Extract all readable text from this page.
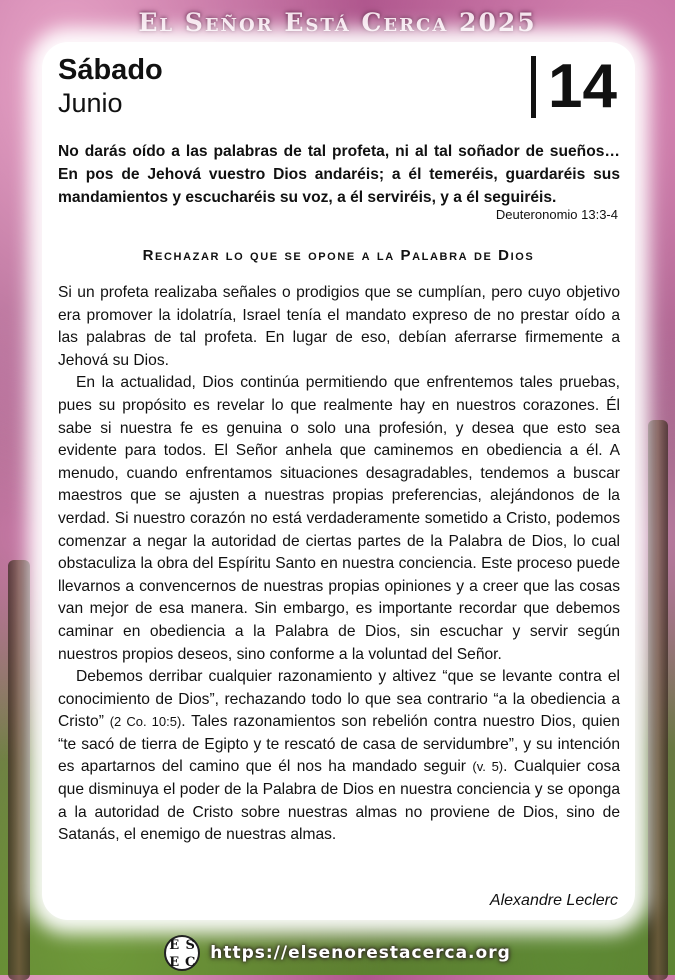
El Señor Está Cerca 2025
Sábado
Junio	14
No darás oído a las palabras de tal profeta, ni al tal soñador de sueños… En pos de Jehová vuestro Dios andaréis; a él temeréis, guardaréis sus mandamientos y escucharéis su voz, a él serviréis, y a él seguiréis.
Deuteronomio 13:3-4
Rechazar lo que se opone a la Palabra de Dios

Si un profeta realizaba señales o prodigios que se cumplían, pero cuyo objetivo era promover la idolatría, Israel tenía el mandato expreso de no prestar oído a las palabras de tal profeta. En lugar de eso, debían aferrarse firmemente a Jehová su Dios.

En la actualidad, Dios continúa permitiendo que enfrentemos tales pruebas, pues su propósito es revelar lo que realmente hay en nuestros corazones. Él sabe si nuestra fe es genuina o solo una profesión, y desea que esto sea evidente para todos. El Señor anhela que caminemos en obediencia a él. A menudo, cuando enfrentamos situaciones desagradables, tendemos a buscar maestros que se ajusten a nuestras propias preferencias, alejándonos de la verdad. Si nuestro corazón no está verdaderamente sometido a Cristo, podemos comenzar a negar la autoridad de ciertas partes de la Palabra de Dios, lo cual obstaculiza la obra del Espíritu Santo en nuestra conciencia. Este proceso puede llevarnos a convencernos de nuestras propias opiniones y a creer que las cosas van mejor de esa manera. Sin embargo, es importante recordar que debemos caminar en obediencia a la Palabra de Dios, sin escuchar y servir según nuestros propios deseos, sino conforme a la voluntad del Señor.

Debemos derribar cualquier razonamiento y altivez “que se levante contra el conocimiento de Dios”, rechazando todo lo que sea contrario “a la obediencia a Cristo” (2 Co. 10:5). Tales razonamientos son rebelión contra nuestro Dios, quien “te sacó de tierra de Egipto y te rescató de casa de servidumbre”, y su intención es apartarnos del camino que él nos ha mandado seguir (v. 5). Cualquier cosa que disminuya el poder de la Palabra de Dios en nuestra conciencia y se oponga a la autoridad de Cristo sobre nuestras almas no proviene de Dios, sino de Satanás, el enemigo de nuestras almas.

Alexandre Leclerc
E S
E C https://elsenorestacerca.org
